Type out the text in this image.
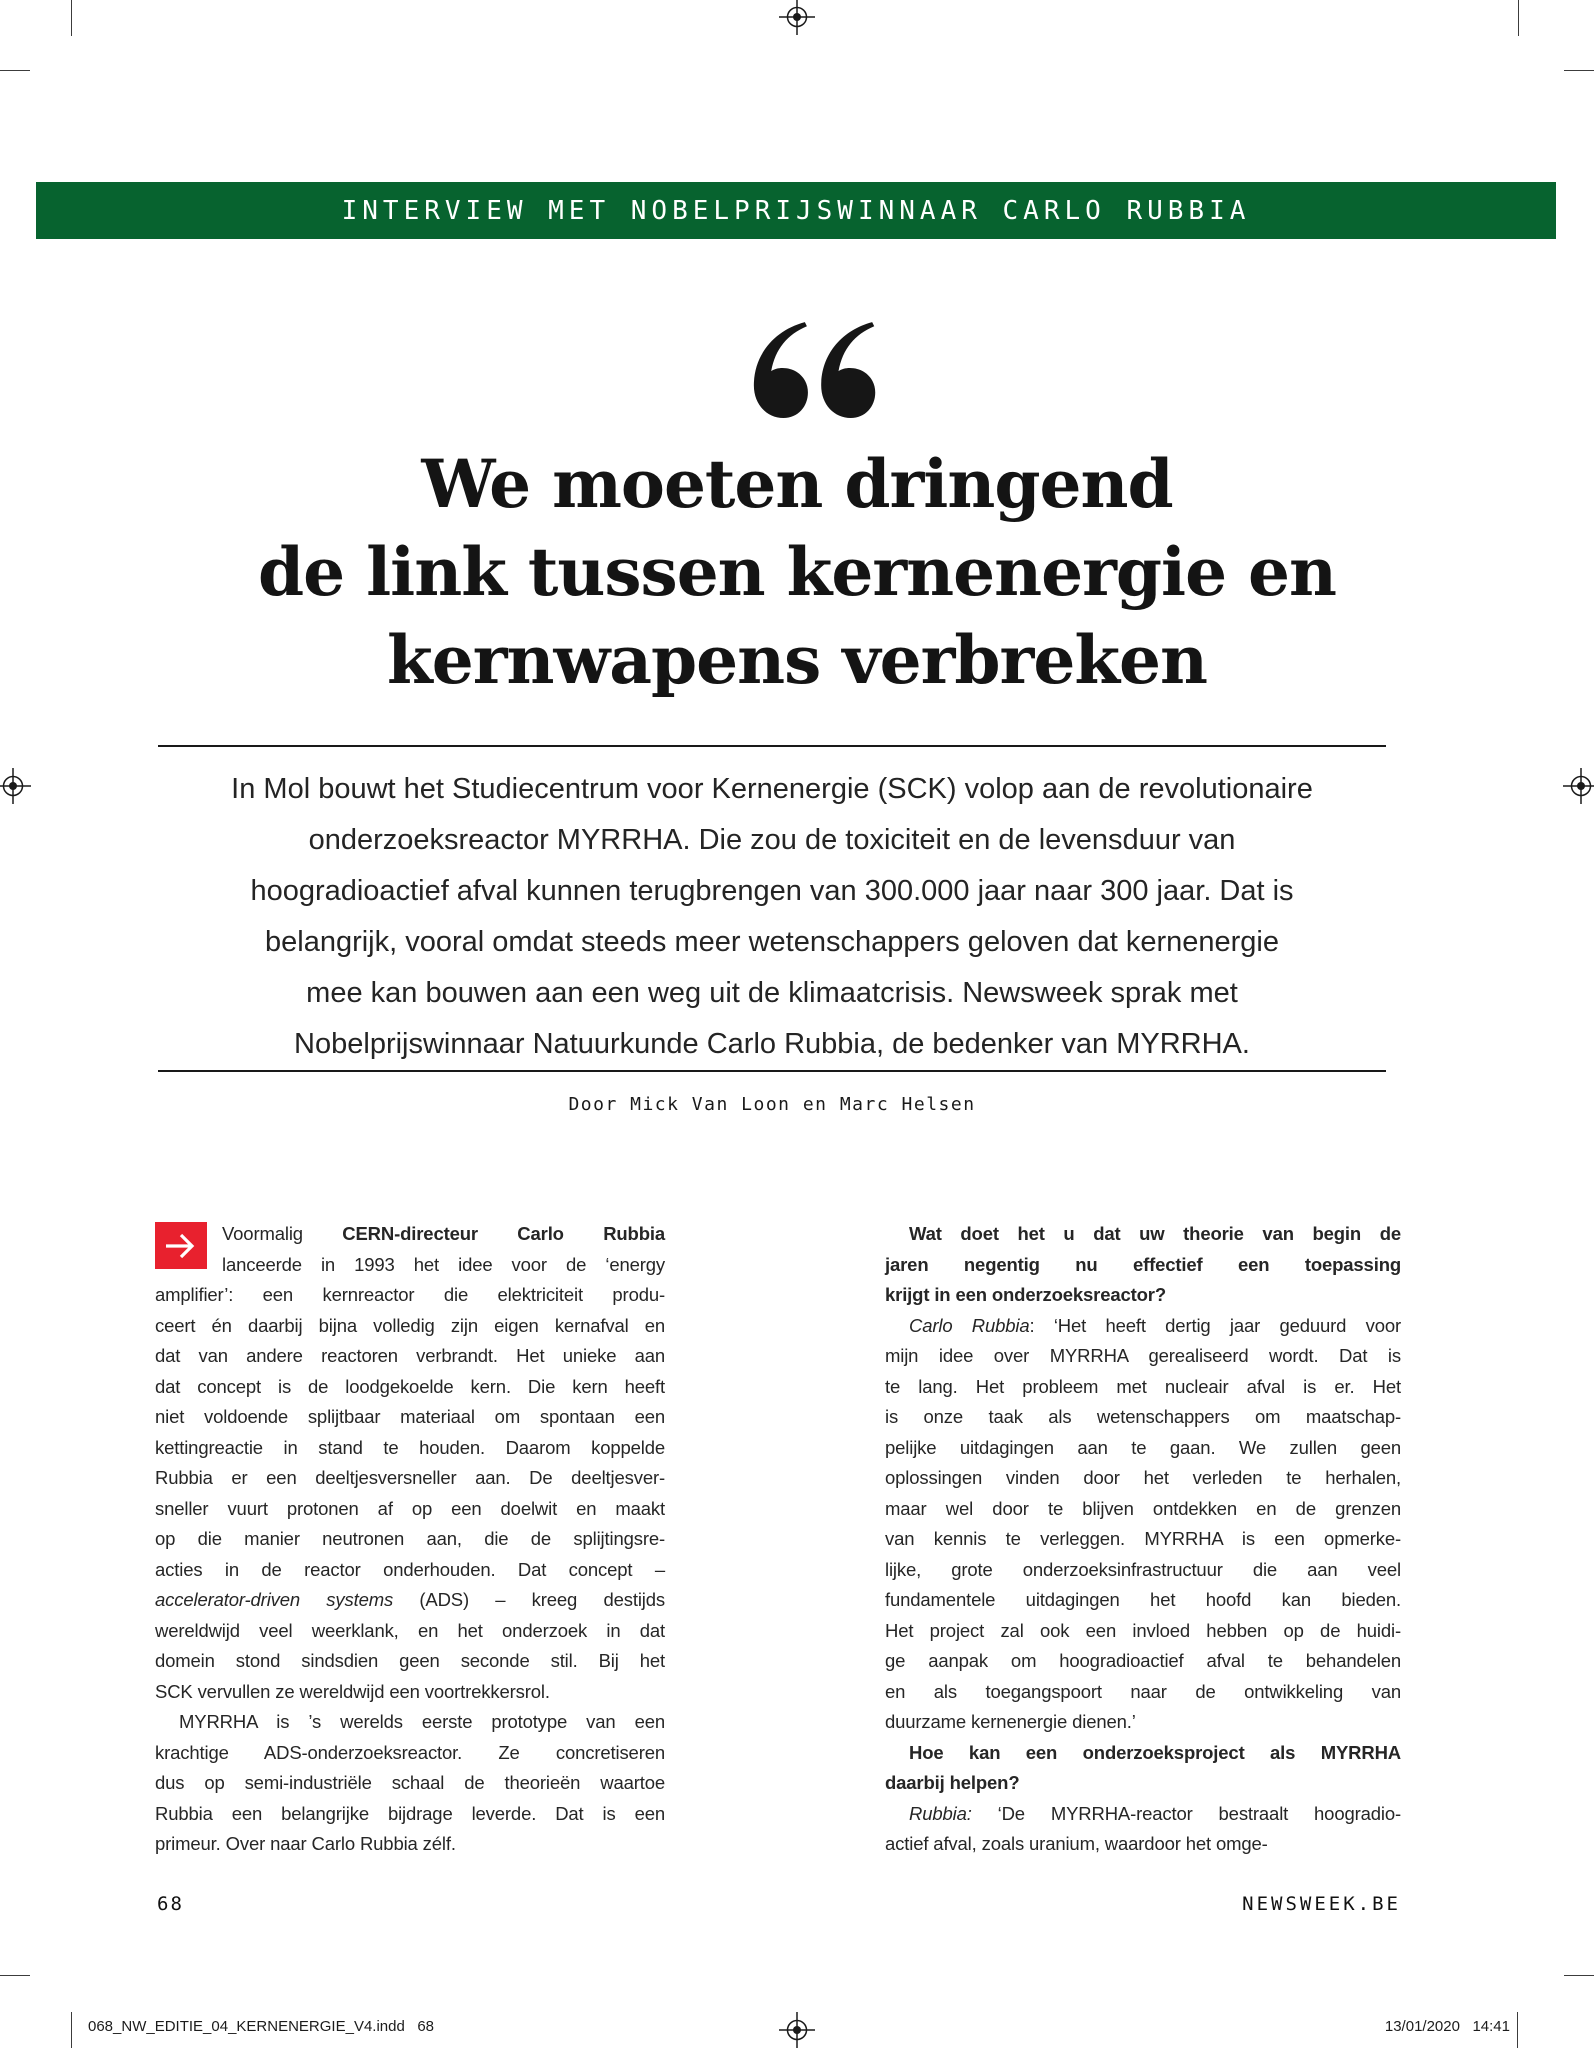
INTERVIEW MET NOBELPRIJSWINNAAR CARLO RUBBIA
We moeten dringend
de link tussen kernenergie en
kernwapens verbreken
In Mol bouwt het Studiecentrum voor Kernenergie (SCK) volop aan de revolutionaire
onderzoeksreactor MYRRHA. Die zou de toxiciteit en de levensduur van
hoogradioactief afval kunnen terugbrengen van 300.000 jaar naar 300 jaar. Dat is
belangrijk, vooral omdat steeds meer wetenschappers geloven dat kernenergie
mee kan bouwen aan een weg uit de klimaatcrisis. Newsweek sprak met
Nobelprijswinnaar Natuurkunde Carlo Rubbia, de bedenker van MYRRHA.
Door Mick Van Loon en Marc Helsen
Voormalig CERN-directeur Carlo Rubbia
lanceerde in 1993 het idee voor de ‘energy
amplifier’: een kernreactor die elektriciteit produ-
ceert én daarbij bijna volledig zijn eigen kernafval en
dat van andere reactoren verbrandt. Het unieke aan
dat concept is de loodgekoelde kern. Die kern heeft
niet voldoende splijtbaar materiaal om spontaan een
kettingreactie in stand te houden. Daarom koppelde
Rubbia er een deeltjesversneller aan. De deeltjesver-
sneller vuurt protonen af op een doelwit en maakt
op die manier neutronen aan, die de splijtingsre-
acties in de reactor onderhouden. Dat concept –
accelerator-driven systems (ADS) – kreeg destijds
wereldwijd veel weerklank, en het onderzoek in dat
domein stond sindsdien geen seconde stil. Bij het
SCK vervullen ze wereldwijd een voortrekkersrol.
MYRRHA is ’s werelds eerste prototype van een
krachtige ADS-onderzoeksreactor. Ze concretiseren
dus op semi-industriële schaal de theorieën waartoe
Rubbia een belangrijke bijdrage leverde. Dat is een
primeur. Over naar Carlo Rubbia zélf.
Wat doet het u dat uw theorie van begin de
jaren negentig nu effectief een toepassing
krijgt in een onderzoeksreactor?
Carlo Rubbia: ‘Het heeft dertig jaar geduurd voor
mijn idee over MYRRHA gerealiseerd wordt. Dat is
te lang. Het probleem met nucleair afval is er. Het
is onze taak als wetenschappers om maatschap-
pelijke uitdagingen aan te gaan. We zullen geen
oplossingen vinden door het verleden te herhalen,
maar wel door te blijven ontdekken en de grenzen
van kennis te verleggen. MYRRHA is een opmerke-
lijke, grote onderzoeksinfrastructuur die aan veel
fundamentele uitdagingen het hoofd kan bieden.
Het project zal ook een invloed hebben op de huidi-
ge aanpak om hoogradioactief afval te behandelen
en als toegangspoort naar de ontwikkeling van
duurzame kernenergie dienen.’
Hoe kan een onderzoeksproject als MYRRHA
daarbij helpen?
Rubbia: ‘De MYRRHA-reactor bestraalt hoogradio-
actief afval, zoals uranium, waardoor het omge-
68	NEWSWEEK.BE
068_NW_EDITIE_04_KERNENERGIE_V4.indd   68	13/01/2020   14:41
